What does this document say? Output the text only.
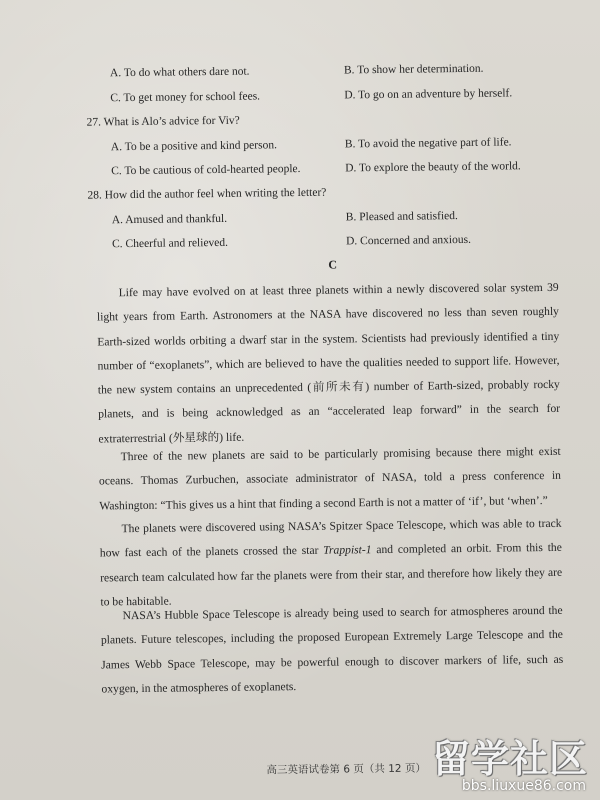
A. To do what others dare not.	B. To show her determination.
C. To get money for school fees.	D. To go on an adventure by herself.
27. What is Alo’s advice for Viv?
A. To be a positive and kind person.	B. To avoid the negative part of life.
C. To be cautious of cold-hearted people.	D. To explore the beauty of the world.
28. How did the author feel when writing the letter?
A. Amused and thankful.	B. Pleased and satisfied.
C. Cheerful and relieved.	D. Concerned and anxious.
C
Life may have evolved on at least three planets within a newly discovered solar system 39 light years from Earth. Astronomers at the NASA have discovered no less than seven roughly Earth-sized worlds orbiting a dwarf star in the system. Scientists had previously identified a tiny number of “exoplanets”, which are believed to have the qualities needed to support life. However, the new system contains an unprecedented (前所未有) number of Earth-sized, probably rocky planets, and is being acknowledged as an “accelerated leap forward” in the search for extraterrestrial (外星球的) life.
Three of the new planets are said to be particularly promising because there might exist oceans. Thomas Zurbuchen, associate administrator of NASA, told a press conference in Washington: “This gives us a hint that finding a second Earth is not a matter of ‘if’, but ‘when’.”
The planets were discovered using NASA’s Spitzer Space Telescope, which was able to track how fast each of the planets crossed the star Trappist-1 and completed an orbit. From this the research team calculated how far the planets were from their star, and therefore how likely they are to be habitable.
NASA’s Hubble Space Telescope is already being used to search for atmospheres around the planets. Future telescopes, including the proposed European Extremely Large Telescope and the James Webb Space Telescope, may be powerful enough to discover markers of life, such as oxygen, in the atmospheres of exoplanets.
高三英语试卷第 6 页（共 12 页） 留学社区
bbs.liuxue86.com
